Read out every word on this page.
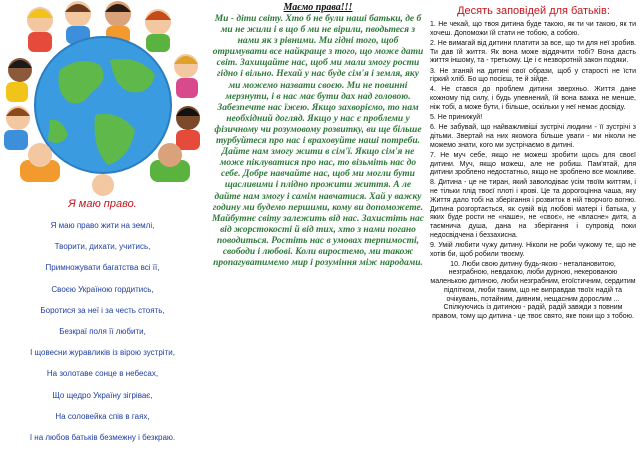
Я маю право.

Я маю право жити на землі,
Творити, дихати, учитись,
Примножувати багатства всі її,
Своєю Україною гордитись,
Боротися за неї і за честь стоять,
Безкраї поля її любити,
І щовесни журавликів із вірою зустріти,
На золотаве сонце в небесах,
Що щедро Україну зігріває,
На соловейка спів в гаях,
І на любов батьків безмежну і безкраю.

Маємо права!!!

Ми - діти світу. Хто б не були наші батьки, де б ми не жили і в що б ми не вірили, пводьтеся з нами як з рівними. Ми гідні того, щоб отримувати все найкраще з того, що може дати світ. Захищайте нас, щоб ми мали змогу рости гідно і вільно. Нехай у нас буде сім'я і земля, яку ми можемо назвати своєю. Ми не повинні мерзнути, і в нас має бути дах над головою. Забезпечте нас їжею. Якщо захворіємо, то нам необхідний догляд. Якщо у нас є проблеми у фізичному чи розумовому розвитку, ви ще більше турбуйтеся про нас і враховуйте наші потреби. Дайте нам змогу жити в сім'ї. Якщо сім'я не може піклуватися про нас, то візьміть нас до себе. Добре навчайте нас, щоб ми могли бути щасливими і плідно прожити життя. А ле дайте нам змогу і самім навчатися. Хай у важку годину ми будемо першими, кому ви допоможете. Майбутнє світу залежить від нас. Захистіть нас від жорстокості й від тих, хто з нами погано поводиться. Ростіть нас в умовах терпимості, свободи і любові. Коли виростемо, ми також пропагуватимемо мир і розуміння між народами.

Десять заповідей для батьків:

1. Не чекай, що твоя дитина буде такою, як ти чи такою, як ти хочеш. Допоможи їй стати не тобою, а собою.
2. Не вимагай від дитини платити за все, що ти для неї зробив. Ти дав їй життя. Як вона може віддячити тобі? Вона дасть життя іншому, та - третьому. Це і є незворотній закон подяки.
3. Не зганяй на дитині свої образи, щоб у старості не їсти гіркий хліб. Бо що посієш, те й зійде.
4. Не стався до проблем дитини зверхньо. Життя дане кожному під силу, і будь упевнений, їй вона важка не менше, ніж тобі, а може бути, і більше, оскільки у неї немає досвіду.
5. Не принижуй!
6. Не забувай, що найважливіші зустрічі людини - її зустрічі з дітьми. Звертай на них якомога більше уваги - ми ніколи не можемо знати, кого ми зустрічаємо в дитині.
7. Не муч себе, якщо не можеш зробити щось для своєї дитини. Муч, якщо можеш, але не робиш. Пам'ятай, для дитини зроблено недостатньо, якщо не зроблено все можливе.
8. Дитина - це не тиран, який заволодіває усім твоїм життям, і не тільки плід твоєї плоті і крові. Це та дорогоцінна чаша, яку Життя дало тобі на зберігання і розвиток в ній творчого вогню. Дитина розгортається, як сувій від любові матері і батька, у яких буде рости не «наше», не «своє», не «власне» дитя, а таємнича душа, дана на зберігання і супровід поки недосвідчена і беззахисна.
9. Умій любити чужу дитину. Ніколи не роби чужому те, що не хотів би, щоб робили твоєму.
10. Люби свою дитину будь-якою - неталановитою, незграбною, невдахою, люби дурною, некерованою маленькою дитиною, люби незграбним, егоїстичним, сердитим підлітком, люби таким, що не виправдав твоїх надій та очікувань, потайним, дивним, нещасним дорослим ... Спілкуючись із дитиною - радій, радій завжди з повним правом, тому що дитина - це твоє свято, яке поки що з тобою.
